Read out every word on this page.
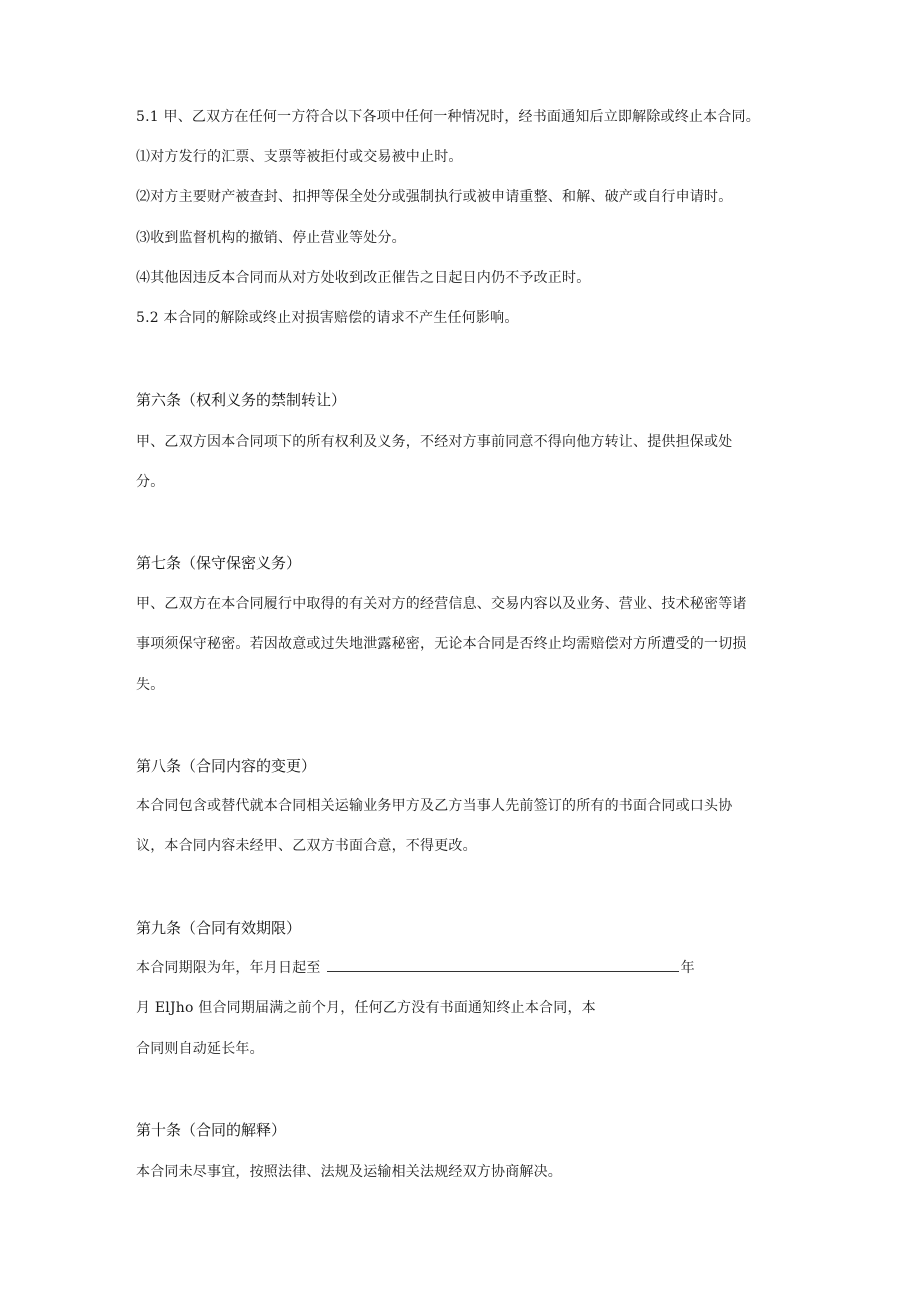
5.1 甲、乙双方在任何一方符合以下各项中任何一种情况时，经书面通知后立即解除或终止本合同。
⑴对方发行的汇票、支票等被拒付或交易被中止时。
⑵对方主要财产被查封、扣押等保全处分或强制执行或被申请重整、和解、破产或自行申请时。
⑶收到监督机构的撤销、停止营业等处分。
⑷其他因违反本合同而从对方处收到改正催告之日起日内仍不予改正时。
5.2 本合同的解除或终止对损害赔偿的请求不产生任何影响。
第六条（权利义务的禁制转让）
甲、乙双方因本合同项下的所有权利及义务，不经对方事前同意不得向他方转让、提供担保或处
分。
第七条（保守保密义务）
甲、乙双方在本合同履行中取得的有关对方的经营信息、交易内容以及业务、营业、技术秘密等诸
事项须保守秘密。若因故意或过失地泄露秘密，无论本合同是否终止均需赔偿对方所遭受的一切损
失。
第八条（合同内容的变更）
本合同包含或替代就本合同相关运输业务甲方及乙方当事人先前签订的所有的书面合同或口头协
议，本合同内容未经甲、乙双方书面合意，不得更改。
第九条（合同有效期限）
本合同期限为年，年月日起至	年
月 ElJho 但合同期届满之前个月，任何乙方没有书面通知终止本合同，本
合同则自动延长年。
第十条（合同的解释）
本合同未尽事宜，按照法律、法规及运输相关法规经双方协商解决。
